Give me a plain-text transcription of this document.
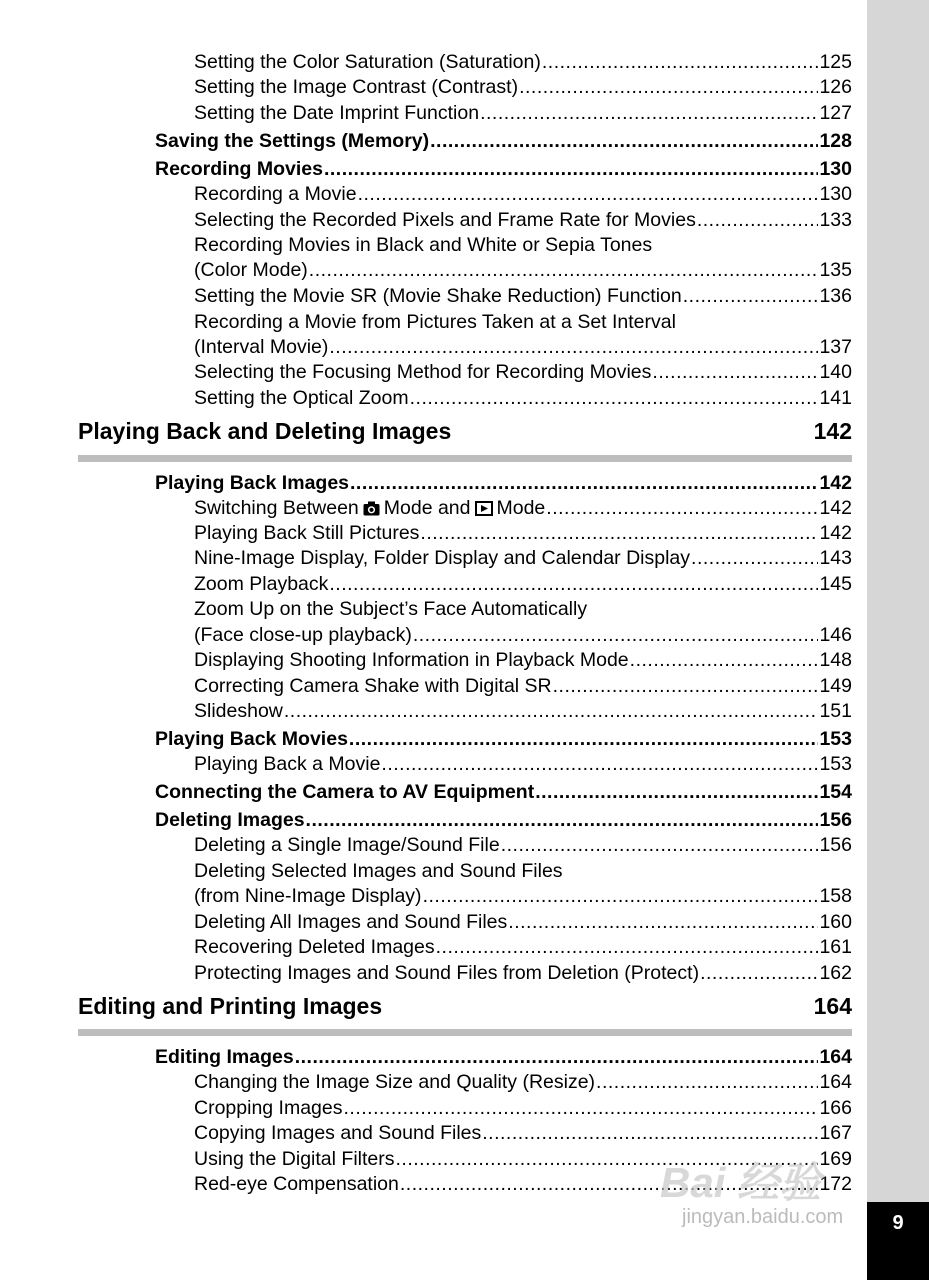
Setting the Color Saturation (Saturation) .....	125
Setting the Image Contrast (Contrast) .....	126
Setting the Date Imprint Function .....	127
Saving the Settings (Memory) .....	128
Recording Movies .....	130
Recording a Movie .....	130
Selecting the Recorded Pixels and Frame Rate for Movies .....	133
Recording Movies in Black and White or Sepia Tones
(Color Mode) .....	135
Setting the Movie SR (Movie Shake Reduction) Function .....	136
Recording a Movie from Pictures Taken at a Set Interval
(Interval Movie) .....	137
Selecting the Focusing Method for Recording Movies .....	140
Setting the Optical Zoom .....	141
Playing Back and Deleting Images	142
Playing Back Images .....	142
Switching Between Mode and Mode .....	142
Playing Back Still Pictures .....	142
Nine-Image Display, Folder Display and Calendar Display .....	143
Zoom Playback .....	145
Zoom Up on the Subject’s Face Automatically
(Face close-up playback) .....	146
Displaying Shooting Information in Playback Mode .....	148
Correcting Camera Shake with Digital SR .....	149
Slideshow .....	151
Playing Back Movies .....	153
Playing Back a Movie .....	153
Connecting the Camera to AV Equipment .....	154
Deleting Images .....	156
Deleting a Single Image/Sound File .....	156
Deleting Selected Images and Sound Files
(from Nine-Image Display) .....	158
Deleting All Images and Sound Files .....	160
Recovering Deleted Images .....	161
Protecting Images and Sound Files from Deletion (Protect) .....	162
Editing and Printing Images	164
Editing Images .....	164
Changing the Image Size and Quality (Resize) .....	164
Cropping Images .....	166
Copying Images and Sound Files .....	167
Using the Digital Filters .....	169
Red-eye Compensation .....	172
9
Bai 经验
jingyan.baidu.com
